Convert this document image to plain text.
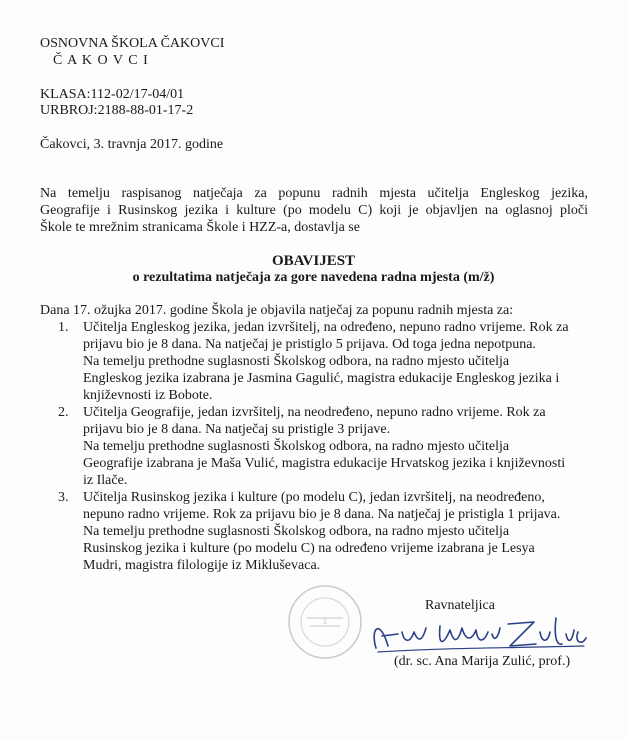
OSNOVNA ŠKOLA ČAKOVCI
Č A K O V C I
KLASA:112-02/17-04/01
URBROJ:2188-88-01-17-2
Čakovci, 3. travnja 2017. godine
Na temelju raspisanog natječaja za popunu radnih mjesta učitelja Engleskog jezika,
Geografije i Rusinskog jezika i kulture (po modelu C) koji je objavljen na oglasnoj ploči
Škole te mrežnim stranicama Škole i HZZ-a, dostavlja se
OBAVIJEST
o rezultatima natječaja za gore navedena radna mjesta (m/ž)
Dana 17. ožujka 2017. godine Škola je objavila natječaj za popunu radnih mjesta za:
1. Učitelja Engleskog jezika, jedan izvršitelj, na određeno, nepuno radno vrijeme. Rok za
prijavu bio je 8 dana. Na natječaj je pristiglo 5 prijava. Od toga jedna nepotpuna.
Na temelju prethodne suglasnosti Školskog odbora, na radno mjesto učitelja
Engleskog jezika izabrana je Jasmina Gagulić, magistra edukacije Engleskog jezika i
književnosti iz Bobote.
2. Učitelja Geografije, jedan izvršitelj, na neodređeno, nepuno radno vrijeme. Rok za
prijavu bio je 8 dana. Na natječaj su pristigle 3 prijave.
Na temelju prethodne suglasnosti Školskog odbora, na radno mjesto učitelja
Geografije izabrana je Maša Vulić, magistra edukacije Hrvatskog jezika i književnosti
iz Ilače.
3. Učitelja Rusinskog jezika i kulture (po modelu C), jedan izvršitelj, na neodređeno,
nepuno radno vrijeme. Rok za prijavu bio je 8 dana. Na natječaj je pristigla 1 prijava.
Na temelju prethodne suglasnosti Školskog odbora, na radno mjesto učitelja
Rusinskog jezika i kulture (po modelu C) na određeno vrijeme izabrana je Lesya
Mudri, magistra filologije iz Mikluševaca.
Ravnateljica
1
(dr. sc. Ana Marija Zulić, prof.)
